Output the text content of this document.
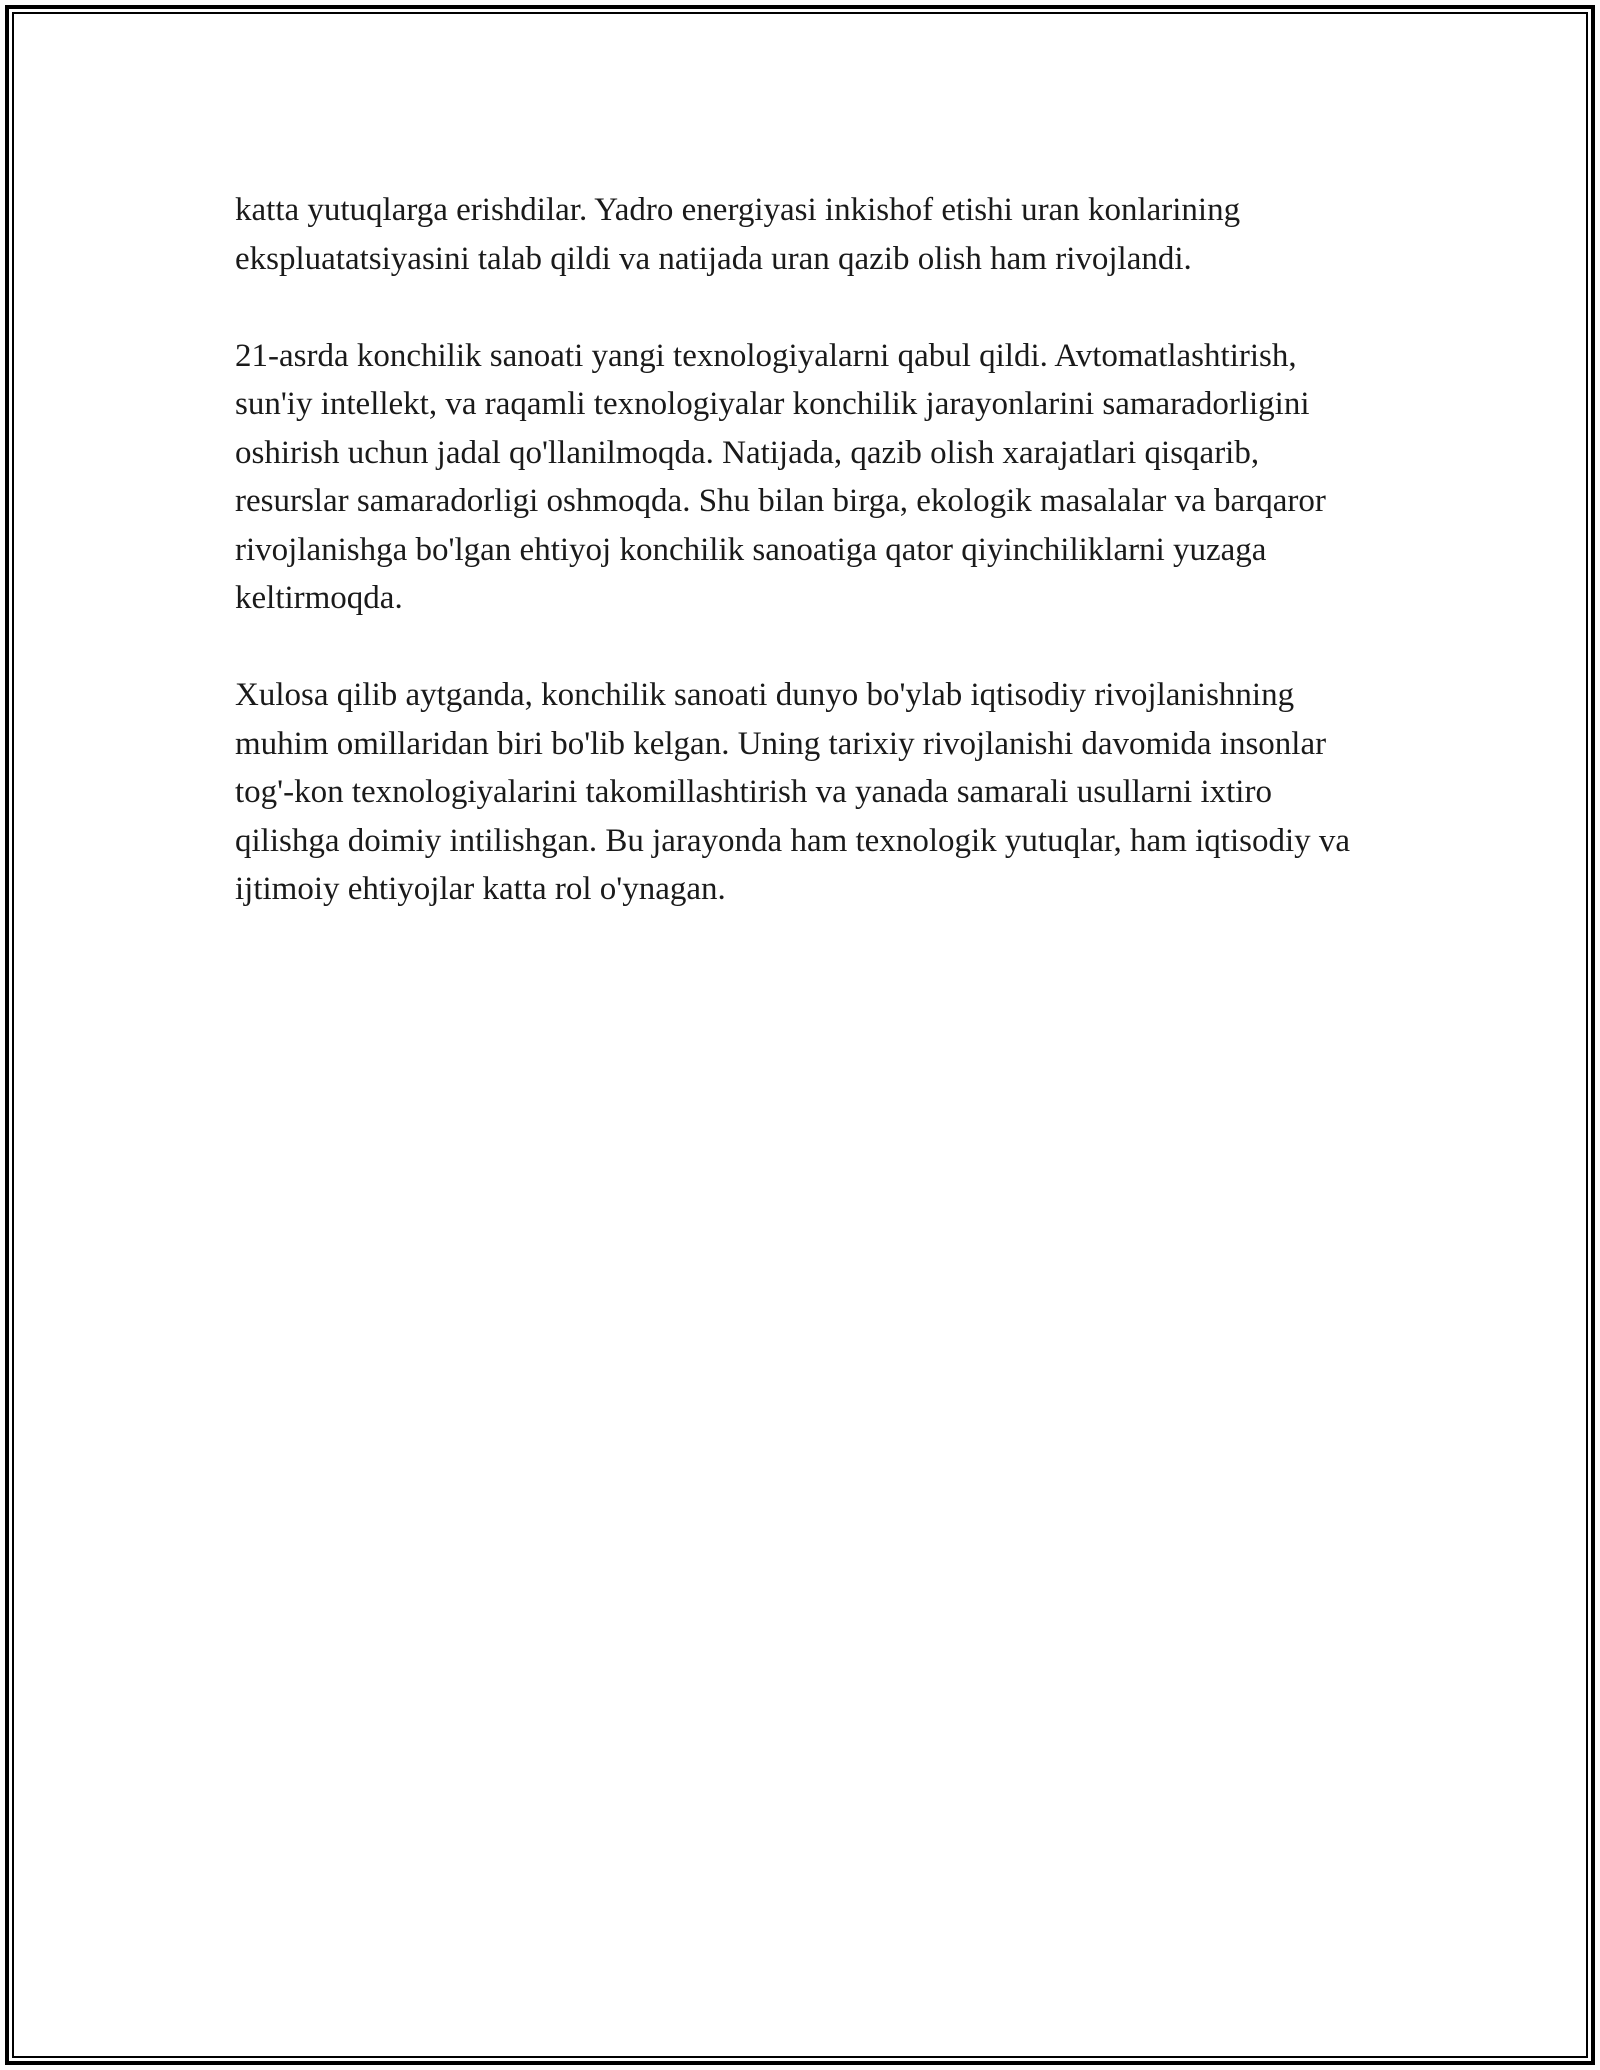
katta yutuqlarga erishdilar. Yadro energiyasi inkishof etishi uran konlarining ekspluatatsiyasini talab qildi va natijada uran qazib olish ham rivojlandi.

21-asrda konchilik sanoati yangi texnologiyalarni qabul qildi. Avtomatlashtirish, sun'iy intellekt, va raqamli texnologiyalar konchilik jarayonlarini samaradorligini oshirish uchun jadal qo'llanilmoqda. Natijada, qazib olish xarajatlari qisqarib, resurslar samaradorligi oshmoqda. Shu bilan birga, ekologik masalalar va barqaror rivojlanishga bo'lgan ehtiyoj konchilik sanoatiga qator qiyinchiliklarni yuzaga keltirmoqda.

Xulosa qilib aytganda, konchilik sanoati dunyo bo'ylab iqtisodiy rivojlanishning muhim omillaridan biri bo'lib kelgan. Uning tarixiy rivojlanishi davomida insonlar tog'-kon texnologiyalarini takomillashtirish va yanada samarali usullarni ixtiro qilishga doimiy intilishgan. Bu jarayonda ham texnologik yutuqlar, ham iqtisodiy va ijtimoiy ehtiyojlar katta rol o'ynagan.
